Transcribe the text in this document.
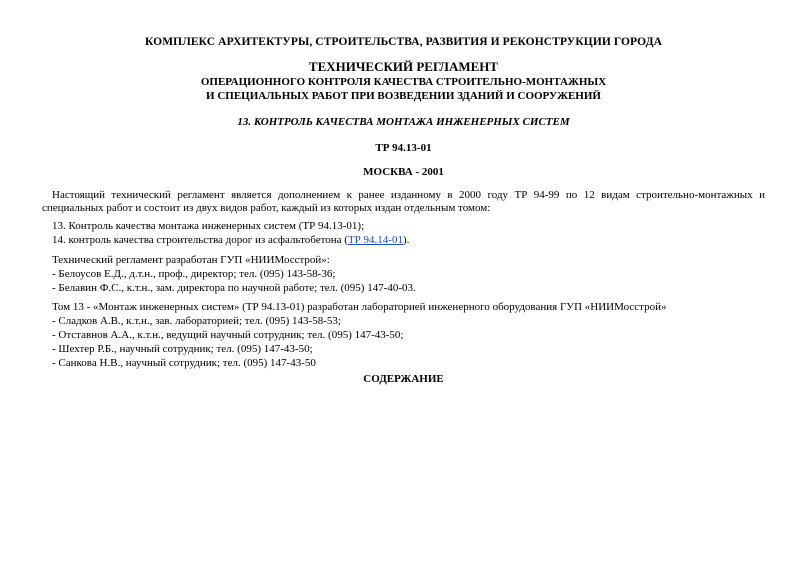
КОМПЛЕКС АРХИТЕКТУРЫ, СТРОИТЕЛЬСТВА, РАЗВИТИЯ И РЕКОНСТРУКЦИИ ГОРОДА
ТЕХНИЧЕСКИЙ РЕГЛАМЕНТ
ОПЕРАЦИОННОГО КОНТРОЛЯ КАЧЕСТВА СТРОИТЕЛЬНО-МОНТАЖНЫХ
И СПЕЦИАЛЬНЫХ РАБОТ ПРИ ВОЗВЕДЕНИИ ЗДАНИЙ И СООРУЖЕНИЙ
13. КОНТРОЛЬ КАЧЕСТВА МОНТАЖА ИНЖЕНЕРНЫХ СИСТЕМ
ТР 94.13-01
МОСКВА - 2001
Настоящий технический регламент является дополнением к ранее изданному в 2000 году ТР 94-99 по 12 видам строительно-монтажных и специальных работ и состоит из двух видов работ, каждый из которых издан отдельным томом:
13. Контроль качества монтажа инженерных систем (ТР 94.13-01);
14. контроль качества строительства дорог из асфальтобетона (ТР 94.14-01).
Технический регламент разработан ГУП «НИИМосстрой»:
- Белоусов Е.Д., д.т.н., проф., директор; тел. (095) 143-58-36;
- Белавин Ф.С., к.т.н., зам. директора по научной работе; тел. (095) 147-40-03.
Том 13 - «Монтаж инженерных систем» (ТР 94.13-01) разработан лабораторией инженерного оборудования ГУП «НИИМосстрой»
- Сладков А.В., к.т.н., зав. лабораторией; тел. (095) 143-58-53;
- Отставнов А.А., к.т.н., ведущий научный сотрудник; тел. (095) 147-43-50;
- Шехтер Р.Б., научный сотрудник; тел. (095) 147-43-50;
- Санкова Н.В., научный сотрудник; тел. (095) 147-43-50
СОДЕРЖАНИЕ
